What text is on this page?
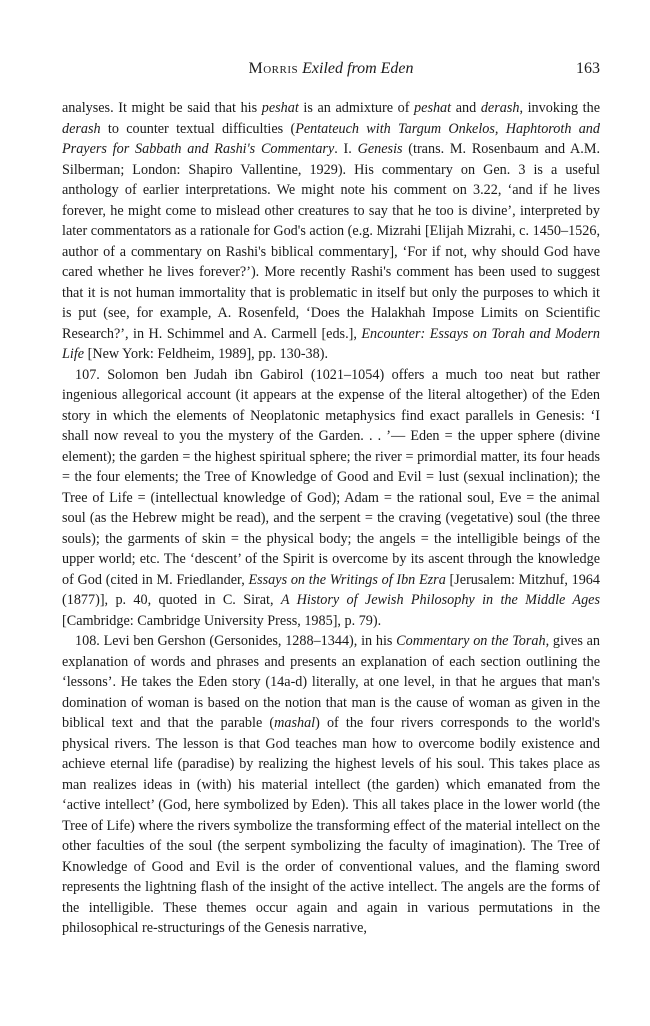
Morris Exiled from Eden	163

analyses. It might be said that his peshat is an admixture of peshat and derash, invoking the derash to counter textual difficulties (Pentateuch with Targum Onkelos, Haphtoroth and Prayers for Sabbath and Rashi's Commentary. I. Genesis (trans. M. Rosenbaum and A.M. Silberman; London: Shapiro Vallentine, 1929). His commentary on Gen. 3 is a useful anthology of earlier interpretations. We might note his comment on 3.22, ‘and if he lives forever, he might come to mislead other creatures to say that he too is divine’, interpreted by later commentators as a rationale for God's action (e.g. Mizrahi [Elijah Mizrahi, c. 1450–1526, author of a commentary on Rashi's biblical commentary], ‘For if not, why should God have cared whether he lives forever?’). More recently Rashi's comment has been used to suggest that it is not human immortality that is problematic in itself but only the purposes to which it is put (see, for example, A. Rosenfeld, ‘Does the Halakhah Impose Limits on Scientific Research?’, in H. Schimmel and A. Carmell [eds.], Encounter: Essays on Torah and Modern Life [New York: Feldheim, 1989], pp. 130-38).

107. Solomon ben Judah ibn Gabirol (1021–1054) offers a much too neat but rather ingenious allegorical account (it appears at the expense of the literal altogether) of the Eden story in which the elements of Neoplatonic metaphysics find exact parallels in Genesis: ‘I shall now reveal to you the mystery of the Garden. . . ’— Eden = the upper sphere (divine element); the garden = the highest spiritual sphere; the river = primordial matter, its four heads = the four elements; the Tree of Knowledge of Good and Evil = lust (sexual inclination); the Tree of Life = (intellectual knowledge of God); Adam = the rational soul, Eve = the animal soul (as the Hebrew might be read), and the serpent = the craving (vegetative) soul (the three souls); the garments of skin = the physical body; the angels = the intelligible beings of the upper world; etc. The ‘descent’ of the Spirit is overcome by its ascent through the knowledge of God (cited in M. Friedlander, Essays on the Writings of Ibn Ezra [Jerusalem: Mitzhuf, 1964 (1877)], p. 40, quoted in C. Sirat, A History of Jewish Philosophy in the Middle Ages [Cambridge: Cambridge University Press, 1985], p. 79).

108. Levi ben Gershon (Gersonides, 1288–1344), in his Commentary on the Torah, gives an explanation of words and phrases and presents an explanation of each section outlining the ‘lessons’. He takes the Eden story (14a-d) literally, at one level, in that he argues that man's domination of woman is based on the notion that man is the cause of woman as given in the biblical text and that the parable (mashal) of the four rivers corresponds to the world's physical rivers. The lesson is that God teaches man how to overcome bodily existence and achieve eternal life (paradise) by realizing the highest levels of his soul. This takes place as man realizes ideas in (with) his material intellect (the garden) which emanated from the ‘active intellect’ (God, here symbolized by Eden). This all takes place in the lower world (the Tree of Life) where the rivers symbolize the transforming effect of the material intellect on the other faculties of the soul (the serpent symbolizing the faculty of imagination). The Tree of Knowledge of Good and Evil is the order of conventional values, and the flaming sword represents the lightning flash of the insight of the active intellect. The angels are the forms of the intelligible. These themes occur again and again in various permutations in the philosophical re-structurings of the Genesis narrative,
